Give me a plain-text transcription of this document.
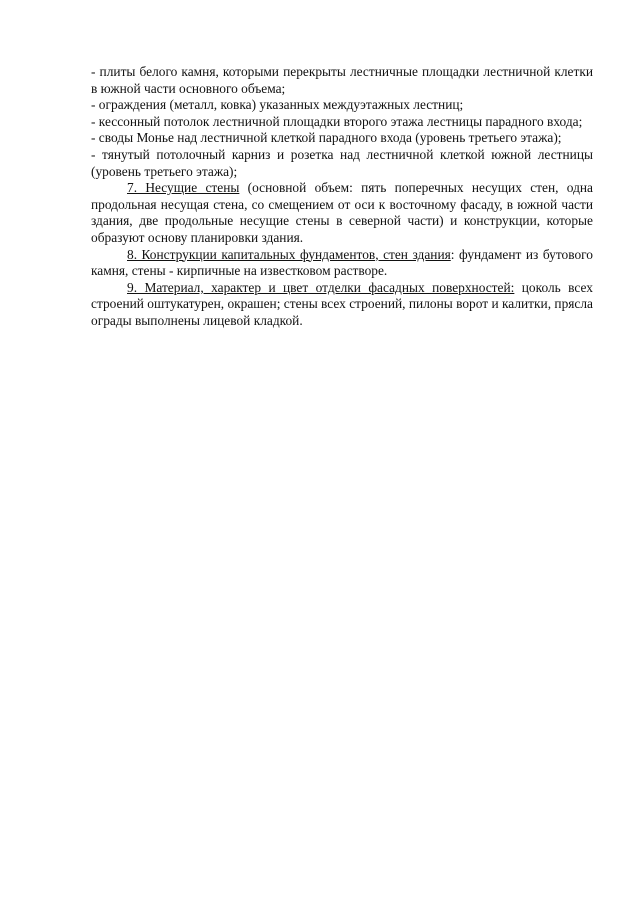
- плиты белого камня, которыми перекрыты лестничные площадки лестничной клетки в южной части основного объема;

- ограждения (металл, ковка) указанных междуэтажных лестниц;

- кессонный потолок лестничной площадки второго этажа лестницы парадного входа;

- своды Монье над лестничной клеткой парадного входа (уровень третьего этажа);

- тянутый потолочный карниз и розетка над лестничной клеткой южной лестницы (уровень третьего этажа);

7. Несущие стены (основной объем: пять поперечных несущих стен, одна продольная несущая стена, со смещением от оси к восточному фасаду, в южной части здания, две продольные несущие стены в северной части) и конструкции, которые образуют основу планировки здания.

8. Конструкции капитальных фундаментов, стен здания: фундамент из бутового камня, стены - кирпичные на известковом растворе.

9. Материал, характер и цвет отделки фасадных поверхностей: цоколь всех строений оштукатурен, окрашен; стены всех строений, пилоны ворот и калитки, прясла ограды выполнены лицевой кладкой.
